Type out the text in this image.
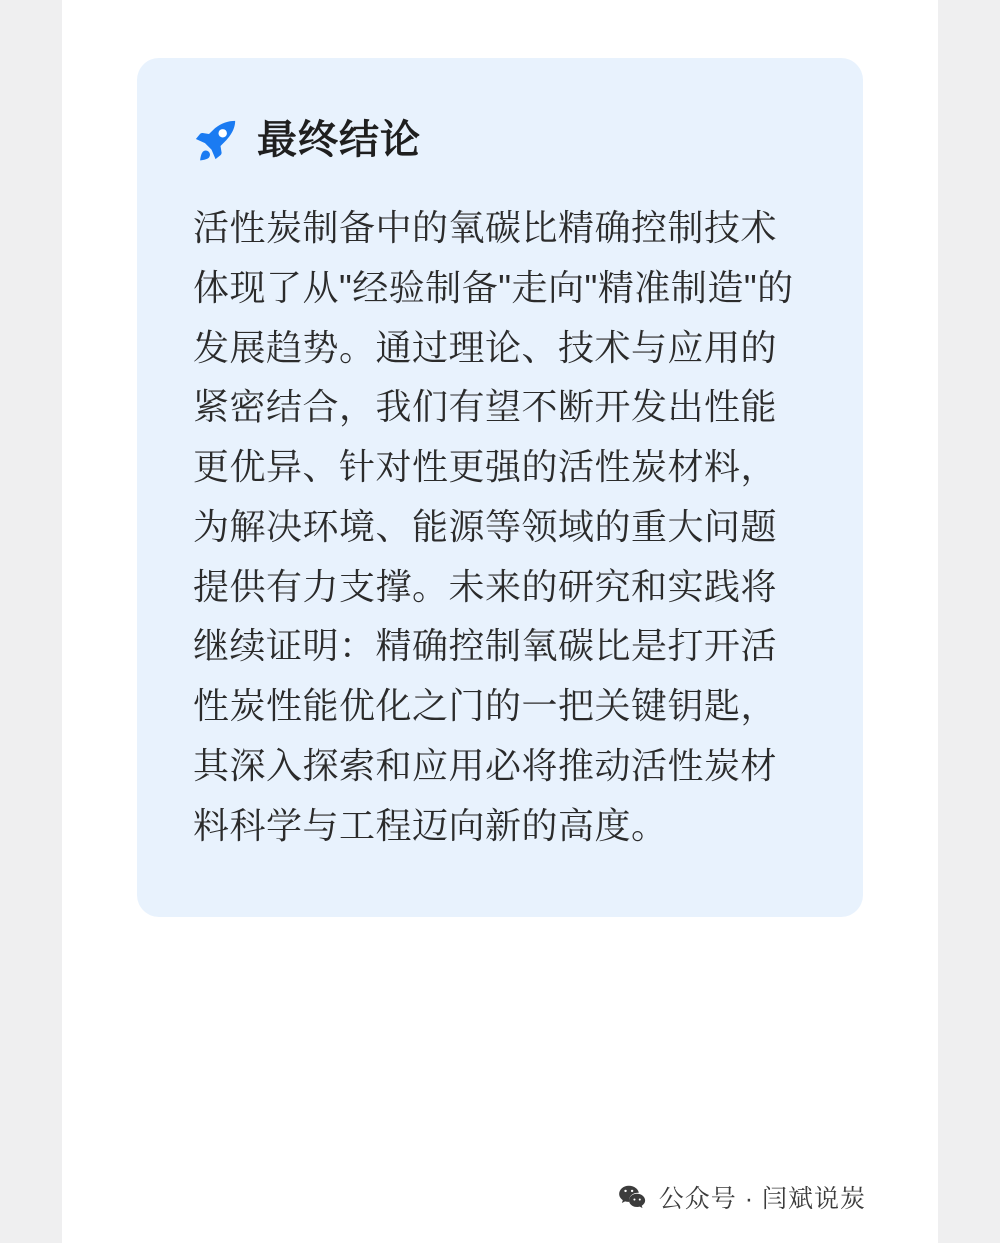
最终结论
活性炭制备中的氧碳比精确控制技术体现了从"经验制备"走向"精准制造"的发展趋势。通过理论、技术与应用的紧密结合，我们有望不断开发出性能更优异、针对性更强的活性炭材料，为解决环境、能源等领域的重大问题提供有力支撑。未来的研究和实践将继续证明：精确控制氧碳比是打开活性炭性能优化之门的一把关键钥匙，其深入探索和应用必将推动活性炭材料科学与工程迈向新的高度。
公众号 · 闫斌说炭
